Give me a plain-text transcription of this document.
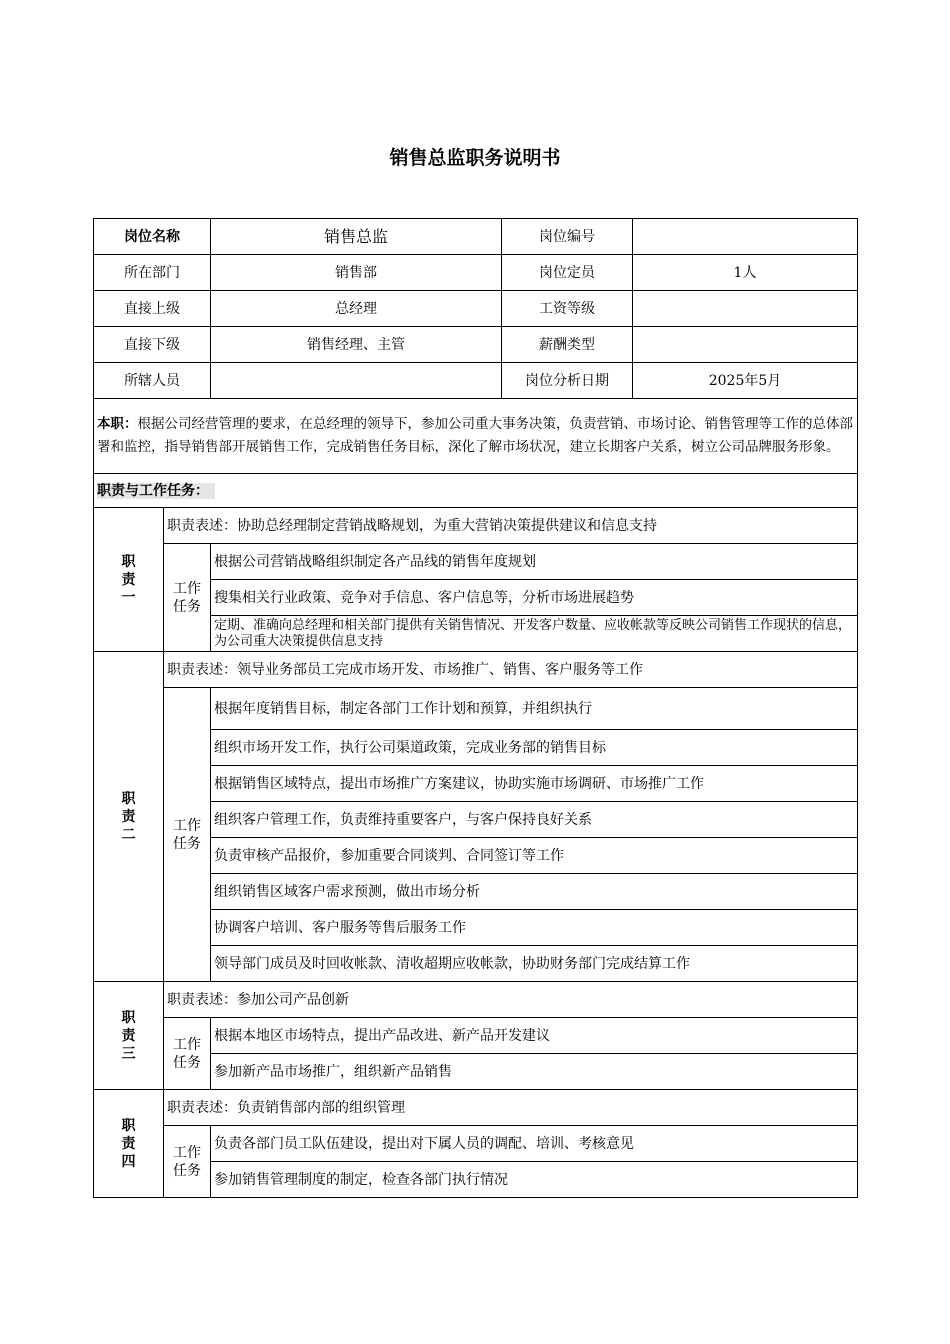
销售总监职务说明书
岗位名称		销售总监	岗位编号	
所在部门		销售部	岗位定员	1人
直接上级		总经理	工资等级	
直接下级		销售经理、主管	薪酬类型	
所辖人员			岗位分析日期	2025年5月
本职：根据公司经营管理的要求，在总经理的领导下，参加公司重大事务决策，负责营销、市场讨论、销售管理等工作的总体部署和监控，指导销售部开展销售工作，完成销售任务目标，深化了解市场状况，建立长期客户关系，树立公司品牌服务形象。				
职责与工作任务：				

职责一	职责表述：协助总经理制定营销战略规划，为重大营销决策提供建议和信息支持			

	工作任务	根据公司营销战略组织制定各产品线的销售年度规划		
		搜集相关行业政策、竞争对手信息、客户信息等，分析市场进展趋势		
		定期、准确向总经理和相关部门提供有关销售情况、开发客户数量、应收帐款等反映公司销售工作现状的信息，为公司重大决策提供信息支持		

职责二	职责表述：领导业务部员工完成市场开发、市场推广、销售、客户服务等工作			

	工作任务	根据年度销售目标，制定各部门工作计划和预算，并组织执行		
		组织市场开发工作，执行公司渠道政策，完成业务部的销售目标		
		根据销售区域特点，提出市场推广方案建议，协助实施市场调研、市场推广工作		
		组织客户管理工作，负责维持重要客户，与客户保持良好关系		
		负责审核产品报价，参加重要合同谈判、合同签订等工作		
		组织销售区域客户需求预测，做出市场分析		
		协调客户培训、客户服务等售后服务工作		
		领导部门成员及时回收帐款、清收超期应收帐款，协助财务部门完成结算工作		

职责三	职责表述：参加公司产品创新			

	工作任务	根据本地区市场特点，提出产品改进、新产品开发建议		
		参加新产品市场推广，组织新产品销售		

职责四	职责表述：负责销售部内部的组织管理			

	工作任务	负责各部门员工队伍建设，提出对下属人员的调配、培训、考核意见		
		参加销售管理制度的制定，检查各部门执行情况		
